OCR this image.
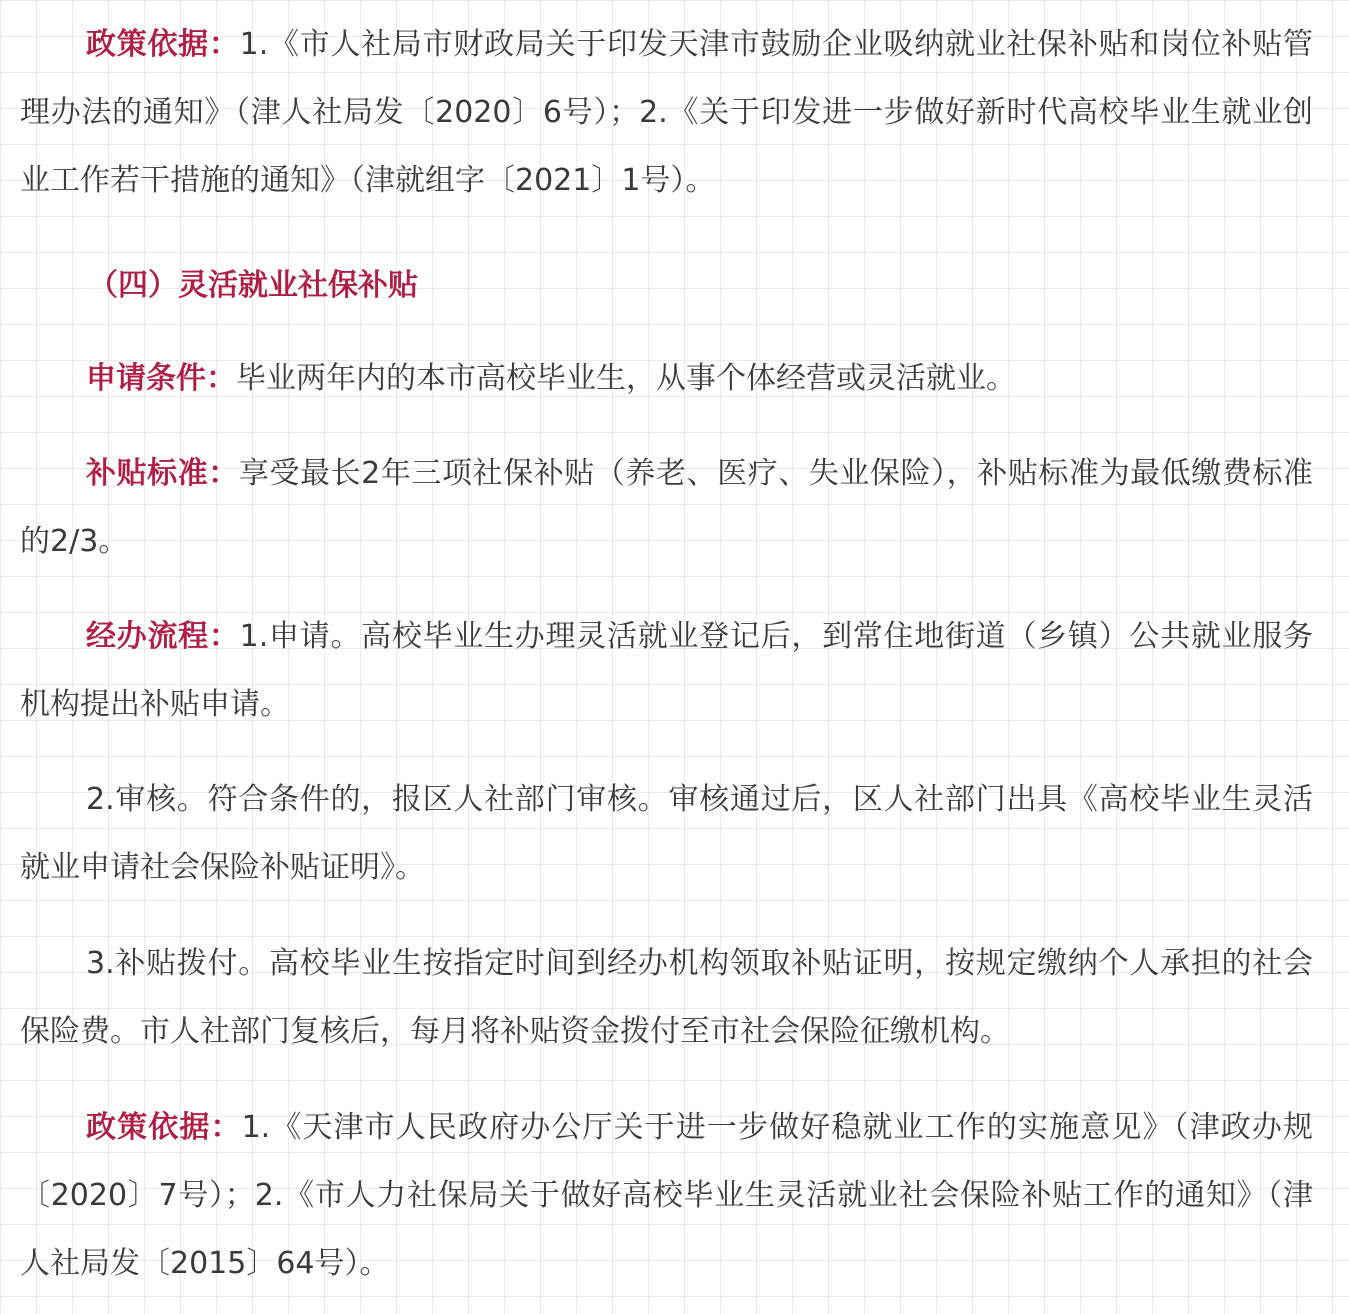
政策依据：1.《市人社局市财政局关于印发天津市鼓励企业吸纳就业社保补贴和岗位补贴管理办法的通知》（津人社局发〔2020〕6号）；2.《关于印发进一步做好新时代高校毕业生就业创业工作若干措施的通知》（津就组字〔2021〕1号）。

（四）灵活就业社保补贴

申请条件：毕业两年内的本市高校毕业生，从事个体经营或灵活就业。

补贴标准：享受最长2年三项社保补贴（养老、医疗、失业保险），补贴标准为最低缴费标准的2/3。

经办流程：1.申请。高校毕业生办理灵活就业登记后，到常住地街道（乡镇）公共就业服务机构提出补贴申请。

2.审核。符合条件的，报区人社部门审核。审核通过后，区人社部门出具《高校毕业生灵活就业申请社会保险补贴证明》。

3.补贴拨付。高校毕业生按指定时间到经办机构领取补贴证明，按规定缴纳个人承担的社会保险费。市人社部门复核后，每月将补贴资金拨付至市社会保险征缴机构。

政策依据：1.《天津市人民政府办公厅关于进一步做好稳就业工作的实施意见》（津政办规〔2020〕7号）；2.《市人力社保局关于做好高校毕业生灵活就业社会保险补贴工作的通知》（津人社局发〔2015〕64号）。
